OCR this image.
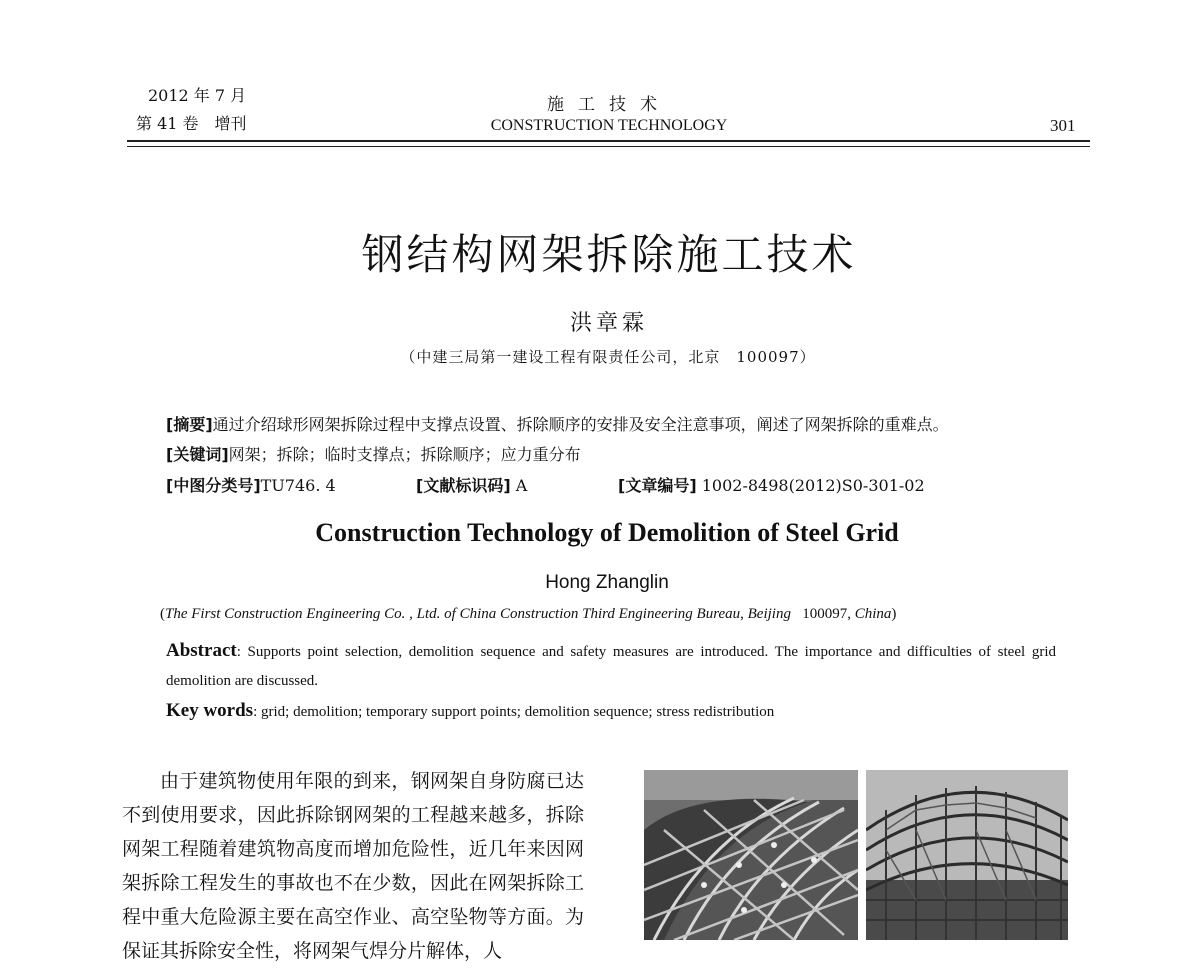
2012 年 7 月
第 41 卷　增刊
施工技术
CONSTRUCTION TECHNOLOGY	301
钢结构网架拆除施工技术
洪章霖
（中建三局第一建设工程有限责任公司，北京　100097）
[摘要]通过介绍球形网架拆除过程中支撑点设置、拆除顺序的安排及安全注意事项，阐述了网架拆除的重难点。
[关键词]网架；拆除；临时支撑点；拆除顺序；应力重分布
[中图分类号]TU746. 4	[文献标识码] A	[文章编号] 1002-8498(2012)S0-301-02
Construction Technology of Demolition of Steel Grid
Hong Zhanglin
(The First Construction Engineering Co. , Ltd. of China Construction Third Engineering Bureau, Beijing 100097, China)
Abstract: Supports point selection, demolition sequence and safety measures are introduced. The importance and difficulties of steel grid demolition are discussed.
Key words: grid; demolition; temporary support points; demolition sequence; stress redistribution
由于建筑物使用年限的到来，钢网架自身防腐已达不到使用要求，因此拆除钢网架的工程越来越多，拆除网架工程随着建筑物高度而增加危险性，近几年来因网架拆除工程发生的事故也不在少数，因此在网架拆除工程中重大危险源主要在高空作业、高空坠物等方面。为保证其拆除安全性，将网架气焊分片解体，人
